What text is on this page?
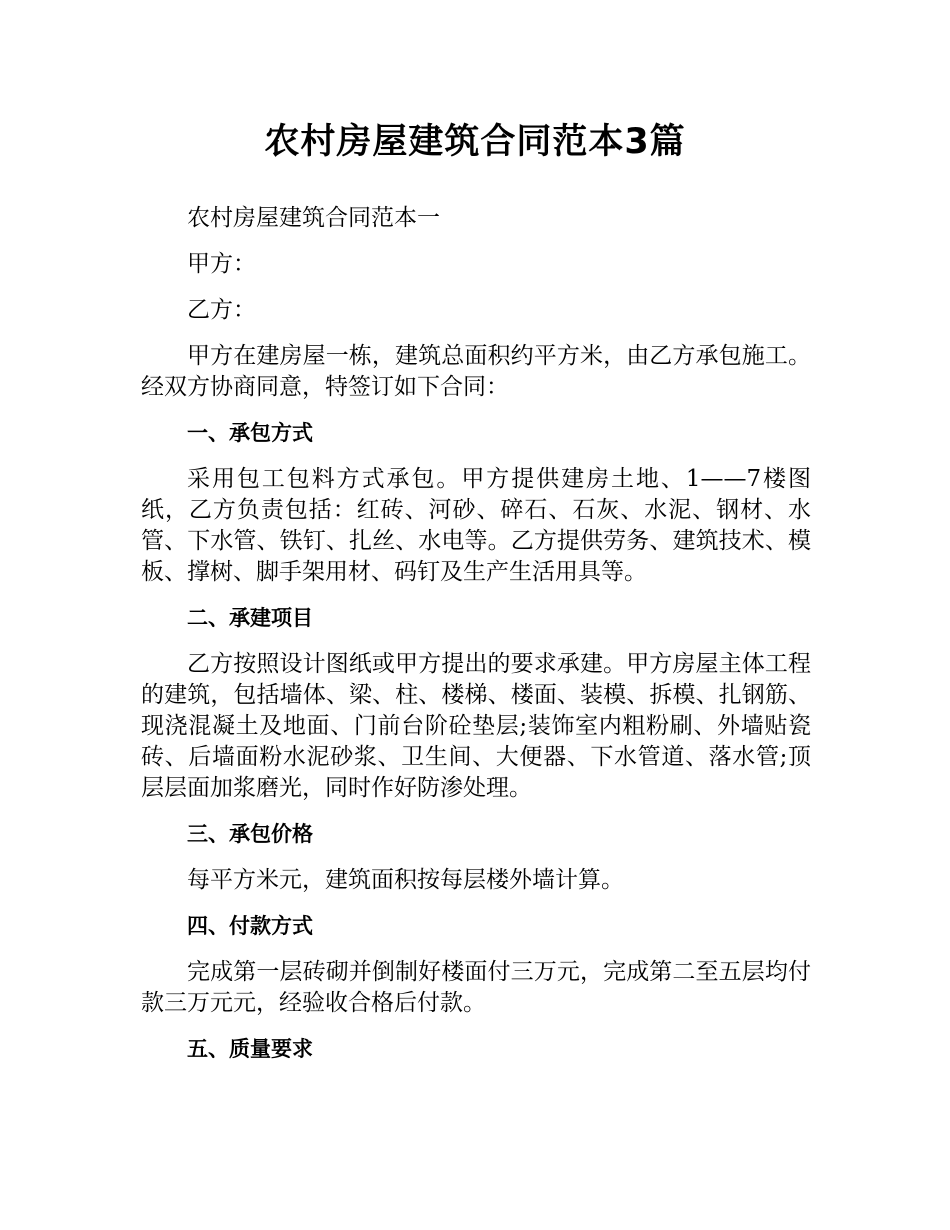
农村房屋建筑合同范本3篇

农村房屋建筑合同范本一

甲方：

乙方：

甲方在建房屋一栋，建筑总面积约平方米，由乙方承包施工。经双方协商同意，特签订如下合同：

一、承包方式

采用包工包料方式承包。甲方提供建房土地、1——7楼图纸，乙方负责包括：红砖、河砂、碎石、石灰、水泥、钢材、水管、下水管、铁钉、扎丝、水电等。乙方提供劳务、建筑技术、模板、撑树、脚手架用材、码钉及生产生活用具等。

二、承建项目

乙方按照设计图纸或甲方提出的要求承建。甲方房屋主体工程的建筑，包括墙体、梁、柱、楼梯、楼面、装模、拆模、扎钢筋、现浇混凝土及地面、门前台阶砼垫层;装饰室内粗粉刷、外墙贴瓷砖、后墙面粉水泥砂浆、卫生间、大便器、下水管道、落水管;顶层层面加浆磨光，同时作好防渗处理。

三、承包价格

每平方米元，建筑面积按每层楼外墙计算。

四、付款方式

完成第一层砖砌并倒制好楼面付三万元，完成第二至五层均付款三万元元，经验收合格后付款。

五、质量要求
